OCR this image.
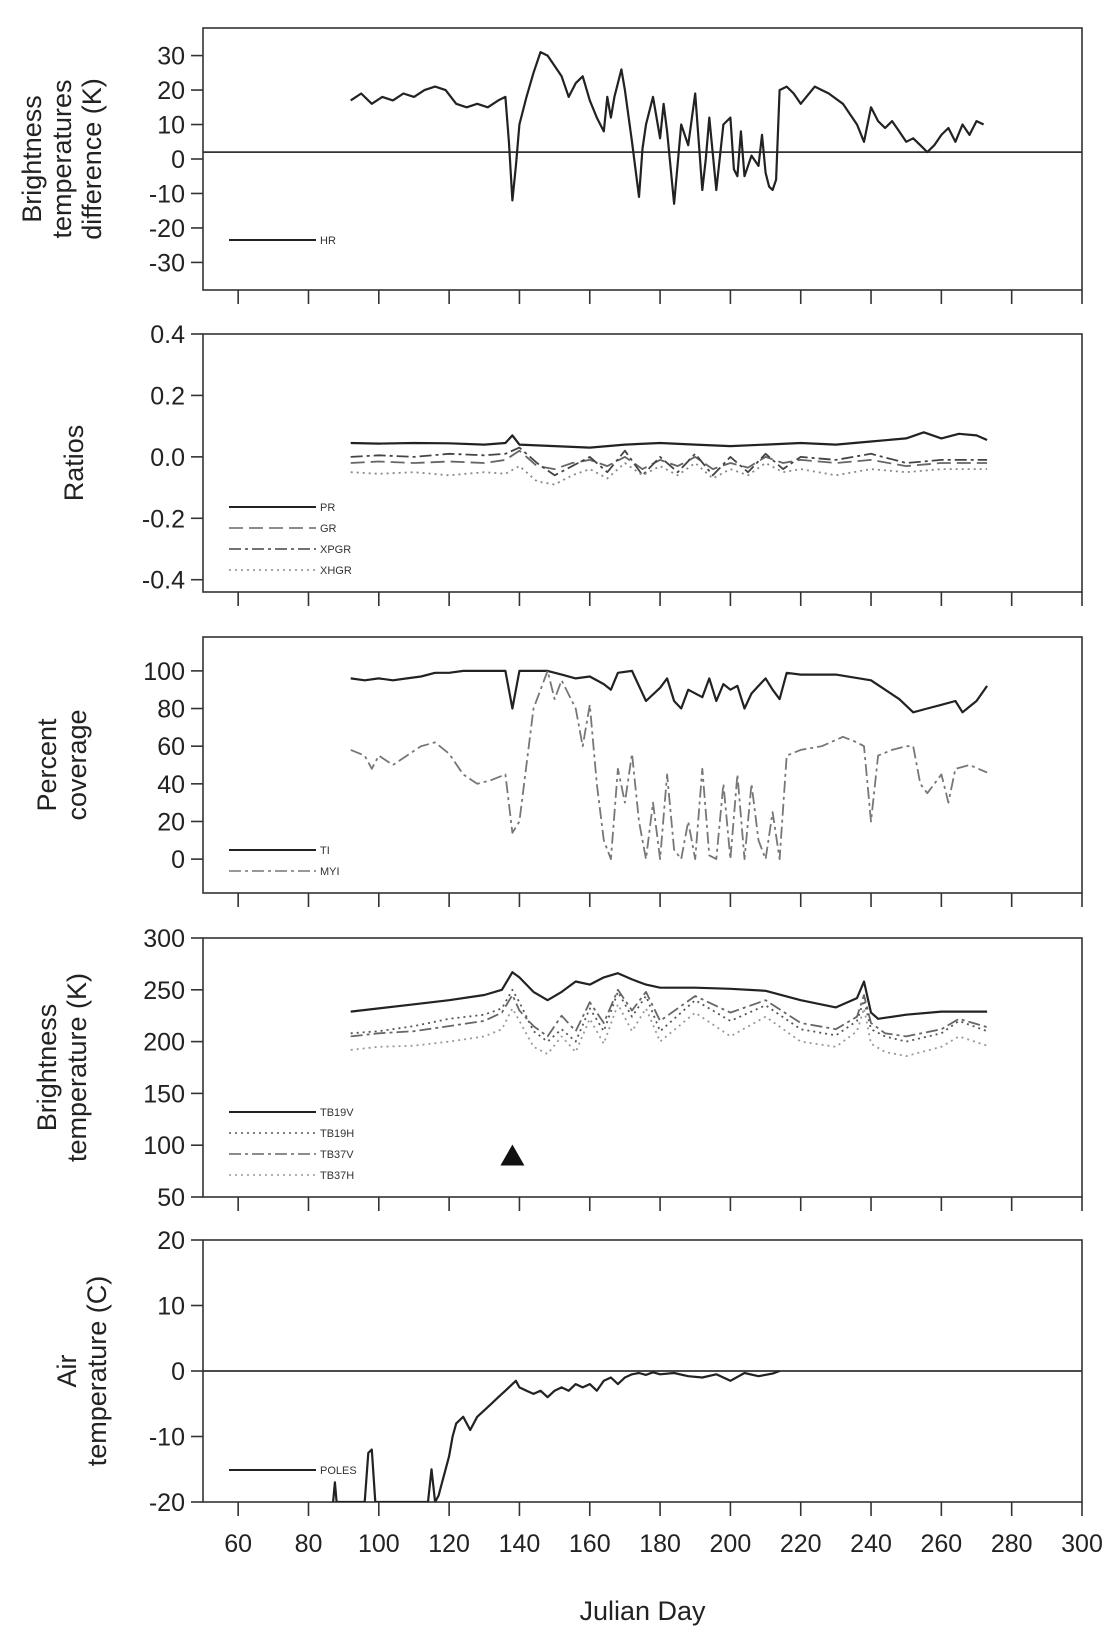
30
20
10
0
-10
-20
-30
Brightness temperatures difference (K)
HR
0.4
0.2
0.0
-0.2
-0.4
Ratios
PR
GR
XPGR
XHGR
100
80
60
40
20
0
Percent coverage
TI
MYI
300
250
200
150
100
50
Brightness temperature (K)	TB19V
TB19H
TB37V
TB37H
20
10
0
-10
-20
Air temperature (C)
POLES
60 80 100 120 140 160 180 200 220 240 260 280 300
Julian Day
